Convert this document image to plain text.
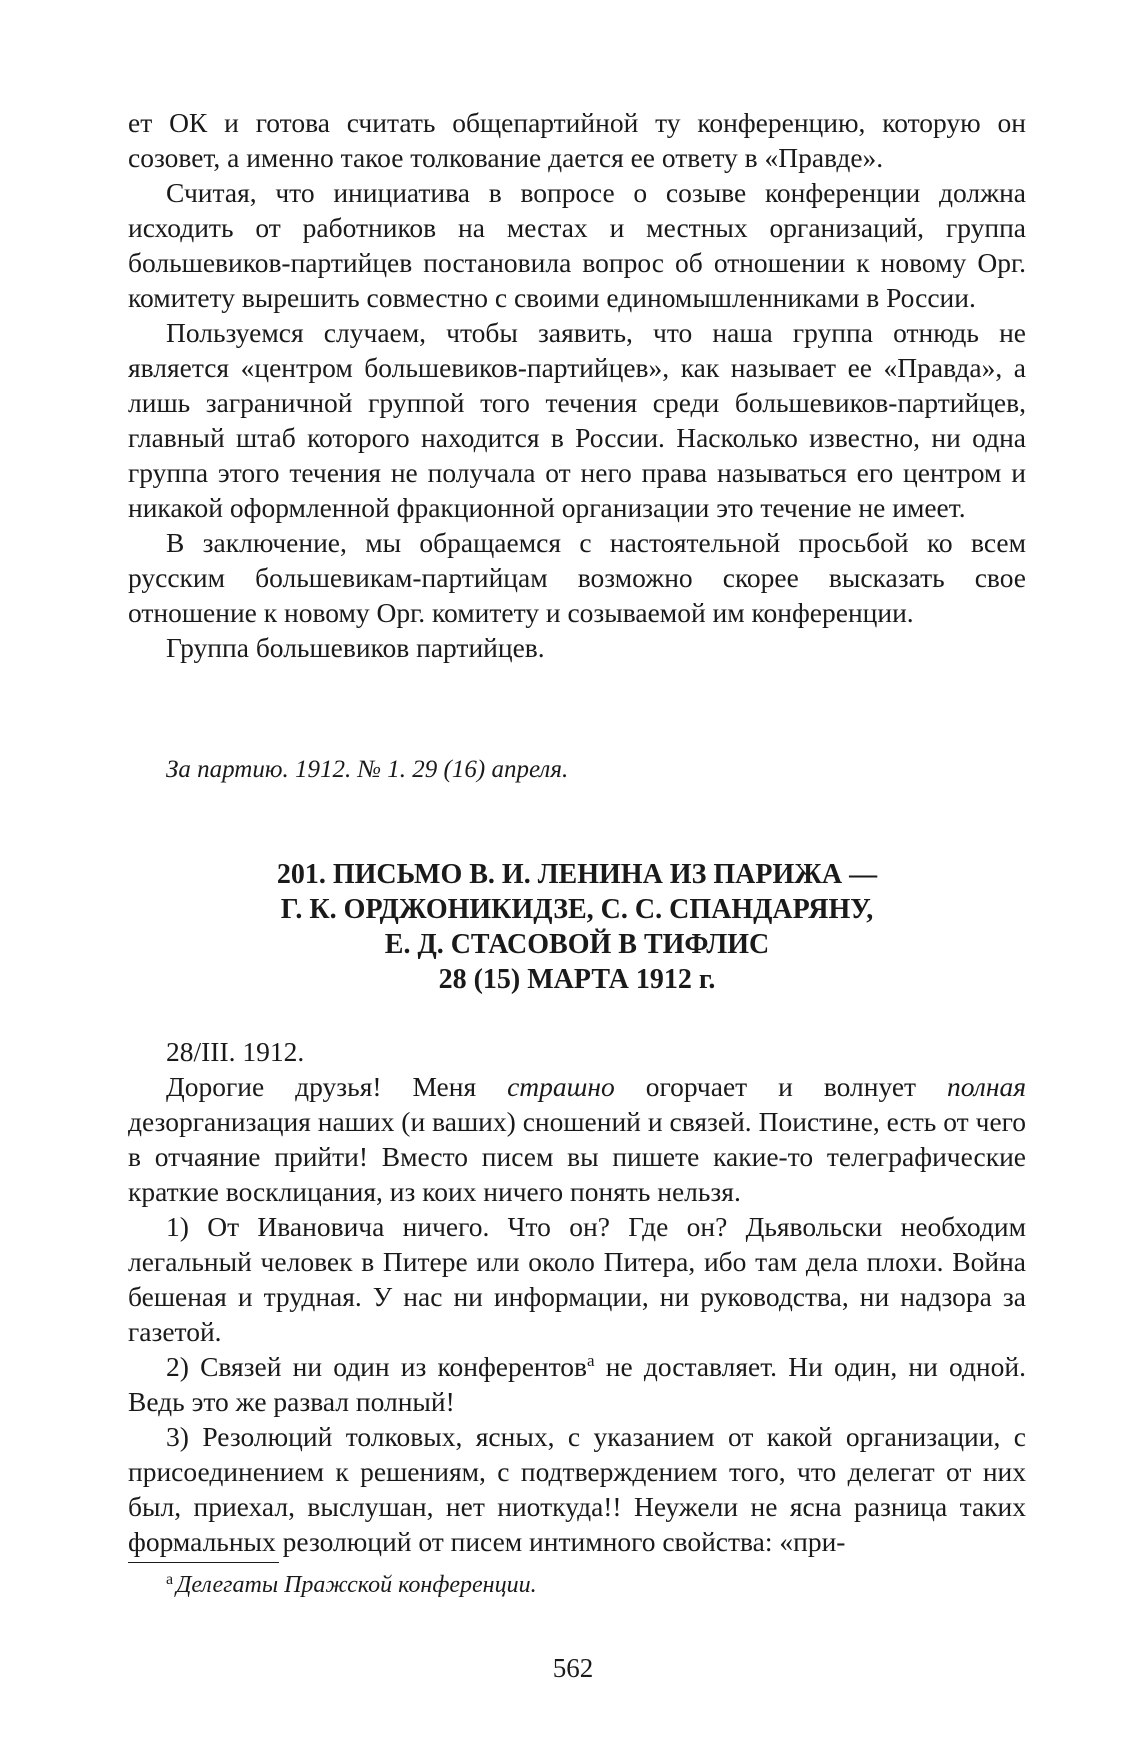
ет ОК и готова считать общепартийной ту конференцию, которую он созовет, а именно такое толкование дается ее ответу в «Правде».

Считая, что инициатива в вопросе о созыве конференции должна исходить от работников на местах и местных организаций, группа большевиков-партийцев постановила вопрос об отношении к новому Орг. комитету вырешить совместно с своими единомышленниками в России.

Пользуемся случаем, чтобы заявить, что наша группа отнюдь не является «центром большевиков-партийцев», как называет ее «Правда», а лишь заграничной группой того течения среди большевиков-партийцев, главный штаб которого находится в России. Насколько известно, ни одна группа этого течения не получала от него права называться его центром и никакой оформленной фракционной организации это течение не имеет.

В заключение, мы обращаемся с настоятельной просьбой ко всем русским большевикам-партийцам возможно скорее высказать свое отношение к новому Орг. комитету и созываемой им конференции.

Группа большевиков партийцев.

За партию. 1912. № 1. 29 (16) апреля.

201. ПИСЬМО В. И. ЛЕНИНА ИЗ ПАРИЖА —
Г. К. ОРДЖОНИКИДЗЕ, С. С. СПАНДАРЯНУ,
Е. Д. СТАСОВОЙ В ТИФЛИС
28 (15) МАРТА 1912 г.

28/III. 1912.

Дорогие друзья! Меня страшно огорчает и волнует полная дезорганизация наших (и ваших) сношений и связей. Поистине, есть от чего в отчаяние прийти! Вместо писем вы пишете какие-то телеграфические краткие восклицания, из коих ничего понять нельзя.

1) От Ивановича ничего. Что он? Где он? Дьявольски необходим легальный человек в Питере или около Питера, ибо там дела плохи. Война бешеная и трудная. У нас ни информации, ни руководства, ни надзора за газетой.

2) Связей ни один из конферентов$^а$ не доставляет. Ни один, ни одной. Ведь это же развал полный!

3) Резолюций толковых, ясных, с указанием от какой организации, с присоединением к решениям, с подтверждением того, что делегат от них был, приехал, выслушан, нет ниоткуда!! Неужели не ясна разница таких формальных резолюций от писем интимного свойства: «при-

$^а$ Делегаты Пражской конференции.

562
